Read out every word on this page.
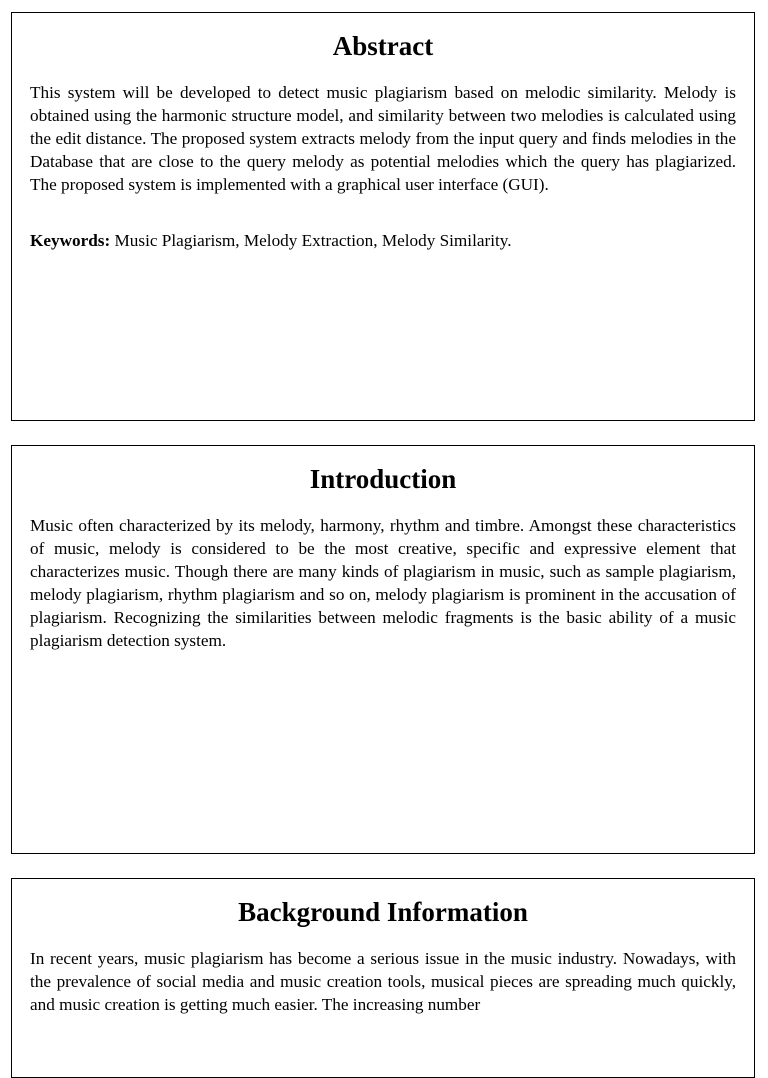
Abstract

This system will be developed to detect music plagiarism based on melodic similarity. Melody is obtained using the harmonic structure model, and similarity between two melodies is calculated using the edit distance. The proposed system extracts melody from the input query and finds melodies in the Database that are close to the query melody as potential melodies which the query has plagiarized. The proposed system is implemented with a graphical user interface (GUI).

Keywords: Music Plagiarism, Melody Extraction, Melody Similarity.

Introduction

Music often characterized by its melody, harmony, rhythm and timbre. Amongst these characteristics of music, melody is considered to be the most creative, specific and expressive element that characterizes music. Though there are many kinds of plagiarism in music, such as sample plagiarism, melody plagiarism, rhythm plagiarism and so on, melody plagiarism is prominent in the accusation of plagiarism. Recognizing the similarities between melodic fragments is the basic ability of a music plagiarism detection system.

Background Information

In recent years, music plagiarism has become a serious issue in the music industry. Nowadays, with the prevalence of social media and music creation tools, musical pieces are spreading much quickly, and music creation is getting much easier. The increasing number
